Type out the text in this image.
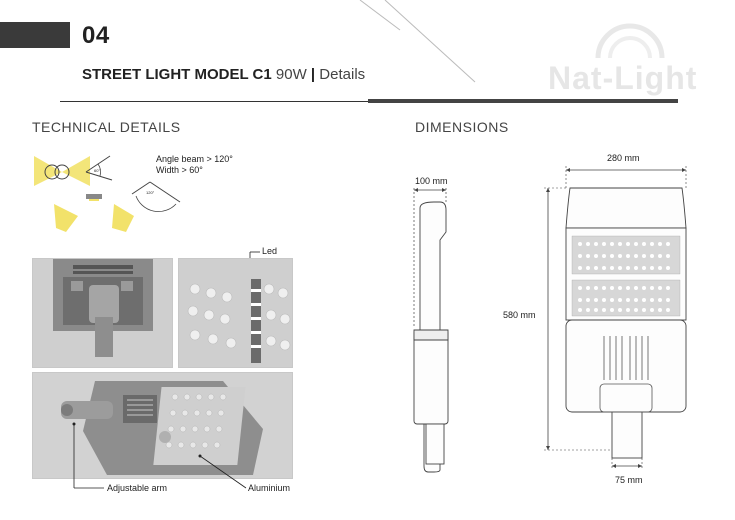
04
STREET LIGHT MODEL C1 90W | Details	Nat-Light
TECHNICAL DETAILS	DIMENSIONS
60°
120°
Angle beam > 120°
Width > 60°
Led
Adjustable arm	Aluminium
100 mm
280 mm
580 mm
75 mm
